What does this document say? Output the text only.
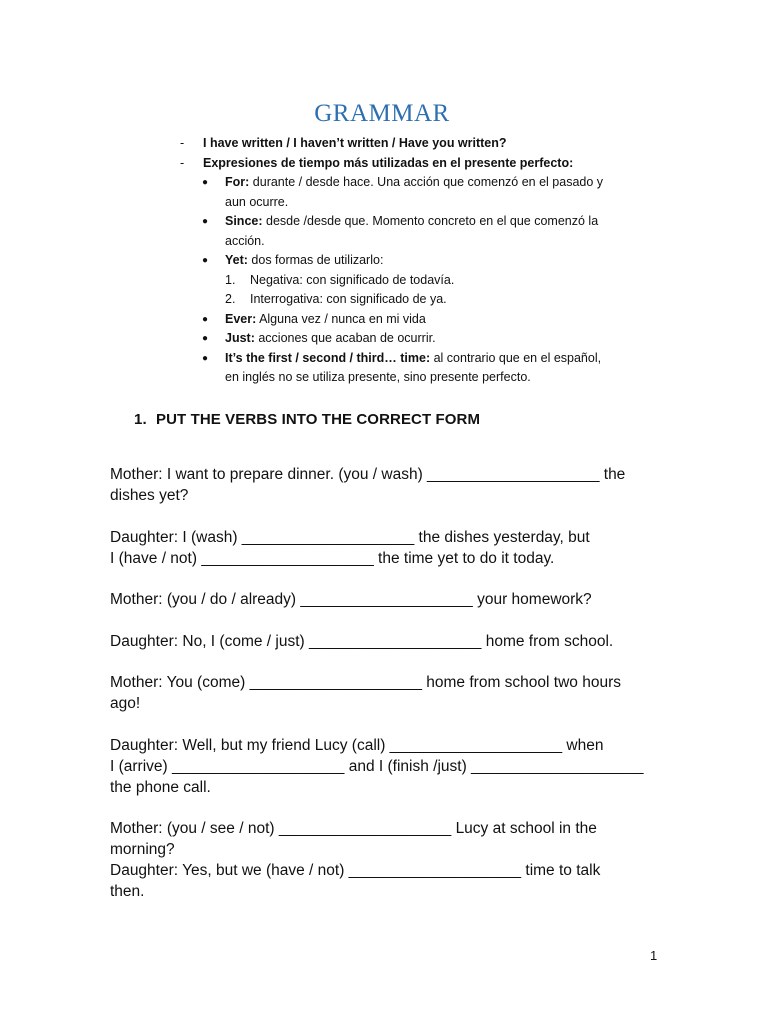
GRAMMAR
- I have written / I haven’t written / Have you written?
- Expresiones de tiempo más utilizadas en el presente perfecto:
● For: durante / desde hace. Una acción que comenzó en el pasado y
aun ocurre.
● Since: desde /desde que. Momento concreto en el que comenzó la
acción.
● Yet: dos formas de utilizarlo:
1. Negativa: con significado de todavía.
2. Interrogativa: con significado de ya.
● Ever: Alguna vez / nunca en mi vida
● Just: acciones que acaban de ocurrir.
● It’s the first / second / third… time: al contrario que en el español,
en inglés no se utiliza presente, sino presente perfecto.
1. PUT THE VERBS INTO THE CORRECT FORM

Mother: I want to prepare dinner. (you / wash) ____________________ the
dishes yet?

Daughter: I (wash) ____________________ the dishes yesterday, but
I (have / not) ____________________ the time yet to do it today.

Mother: (you / do / already) ____________________ your homework?

Daughter: No, I (come / just) ____________________ home from school.

Mother: You (come) ____________________ home from school two hours
ago!

Daughter: Well, but my friend Lucy (call) ____________________ when
I (arrive) ____________________ and I (finish /just) ____________________
the phone call.

Mother: (you / see / not) ____________________ Lucy at school in the
morning?
Daughter: Yes, but we (have / not) ____________________ time to talk
then.

1
